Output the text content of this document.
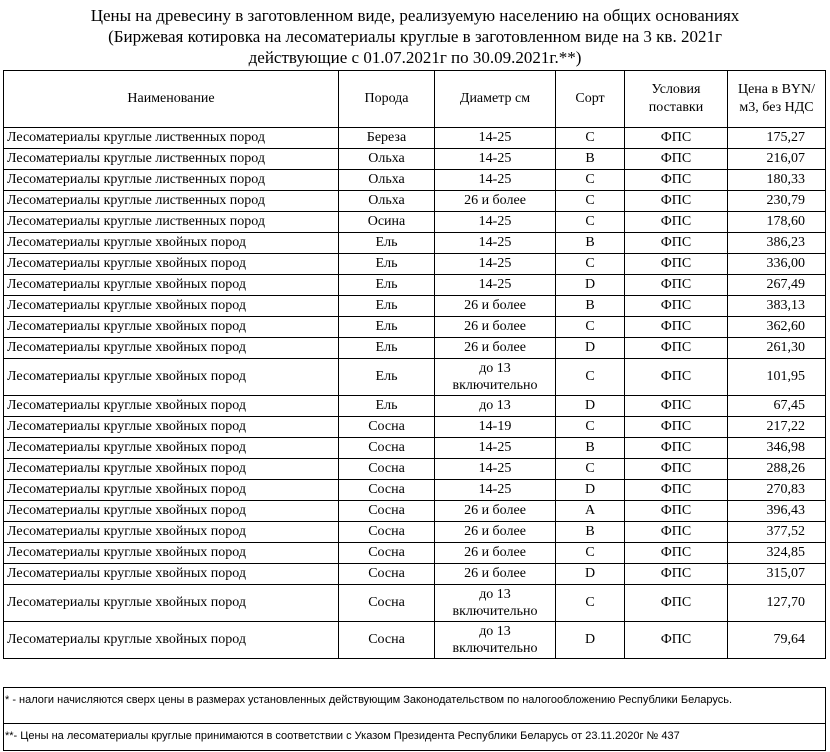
Цены на древесину в заготовленном виде, реализуемую населению на общих основаниях
(Биржевая котировка на лесоматериалы круглые в заготовленном виде на 3 кв. 2021г
действующие с 01.07.2021г по 30.09.2021г.**)
Наименование	Порода	Диаметр см	Сорт	Условия поставки	Цена в BYN/м3, без НДС
Лесоматериалы круглые лиственных пород	Береза	14-25	C	ФПС	175,27
Лесоматериалы круглые лиственных пород	Ольха	14-25	B	ФПС	216,07
Лесоматериалы круглые лиственных пород	Ольха	14-25	C	ФПС	180,33
Лесоматериалы круглые лиственных пород	Ольха	26 и более	C	ФПС	230,79
Лесоматериалы круглые лиственных пород	Осина	14-25	C	ФПС	178,60
Лесоматериалы круглые хвойных пород	Ель	14-25	B	ФПС	386,23
Лесоматериалы круглые хвойных пород	Ель	14-25	C	ФПС	336,00
Лесоматериалы круглые хвойных пород	Ель	14-25	D	ФПС	267,49
Лесоматериалы круглые хвойных пород	Ель	26 и более	B	ФПС	383,13
Лесоматериалы круглые хвойных пород	Ель	26 и более	C	ФПС	362,60
Лесоматериалы круглые хвойных пород	Ель	26 и более	D	ФПС	261,30
Лесоматериалы круглые хвойных пород	Ель	до 13 включительно	C	ФПС	101,95
Лесоматериалы круглые хвойных пород	Ель	до 13	D	ФПС	67,45
Лесоматериалы круглые хвойных пород	Сосна	14-19	C	ФПС	217,22
Лесоматериалы круглые хвойных пород	Сосна	14-25	B	ФПС	346,98
Лесоматериалы круглые хвойных пород	Сосна	14-25	C	ФПС	288,26
Лесоматериалы круглые хвойных пород	Сосна	14-25	D	ФПС	270,83
Лесоматериалы круглые хвойных пород	Сосна	26 и более	A	ФПС	396,43
Лесоматериалы круглые хвойных пород	Сосна	26 и более	B	ФПС	377,52
Лесоматериалы круглые хвойных пород	Сосна	26 и более	C	ФПС	324,85
Лесоматериалы круглые хвойных пород	Сосна	26 и более	D	ФПС	315,07
Лесоматериалы круглые хвойных пород	Сосна	до 13 включительно	C	ФПС	127,70
Лесоматериалы круглые хвойных пород	Сосна	до 13 включительно	D	ФПС	79,64
* - налоги начисляются сверх цены в размерах установленных действующим Законодательством по налогообложению Республики Беларусь.
**- Цены на лесоматериалы круглые принимаются в соответствии с Указом Президента Республики Беларусь от 23.11.2020г № 437
